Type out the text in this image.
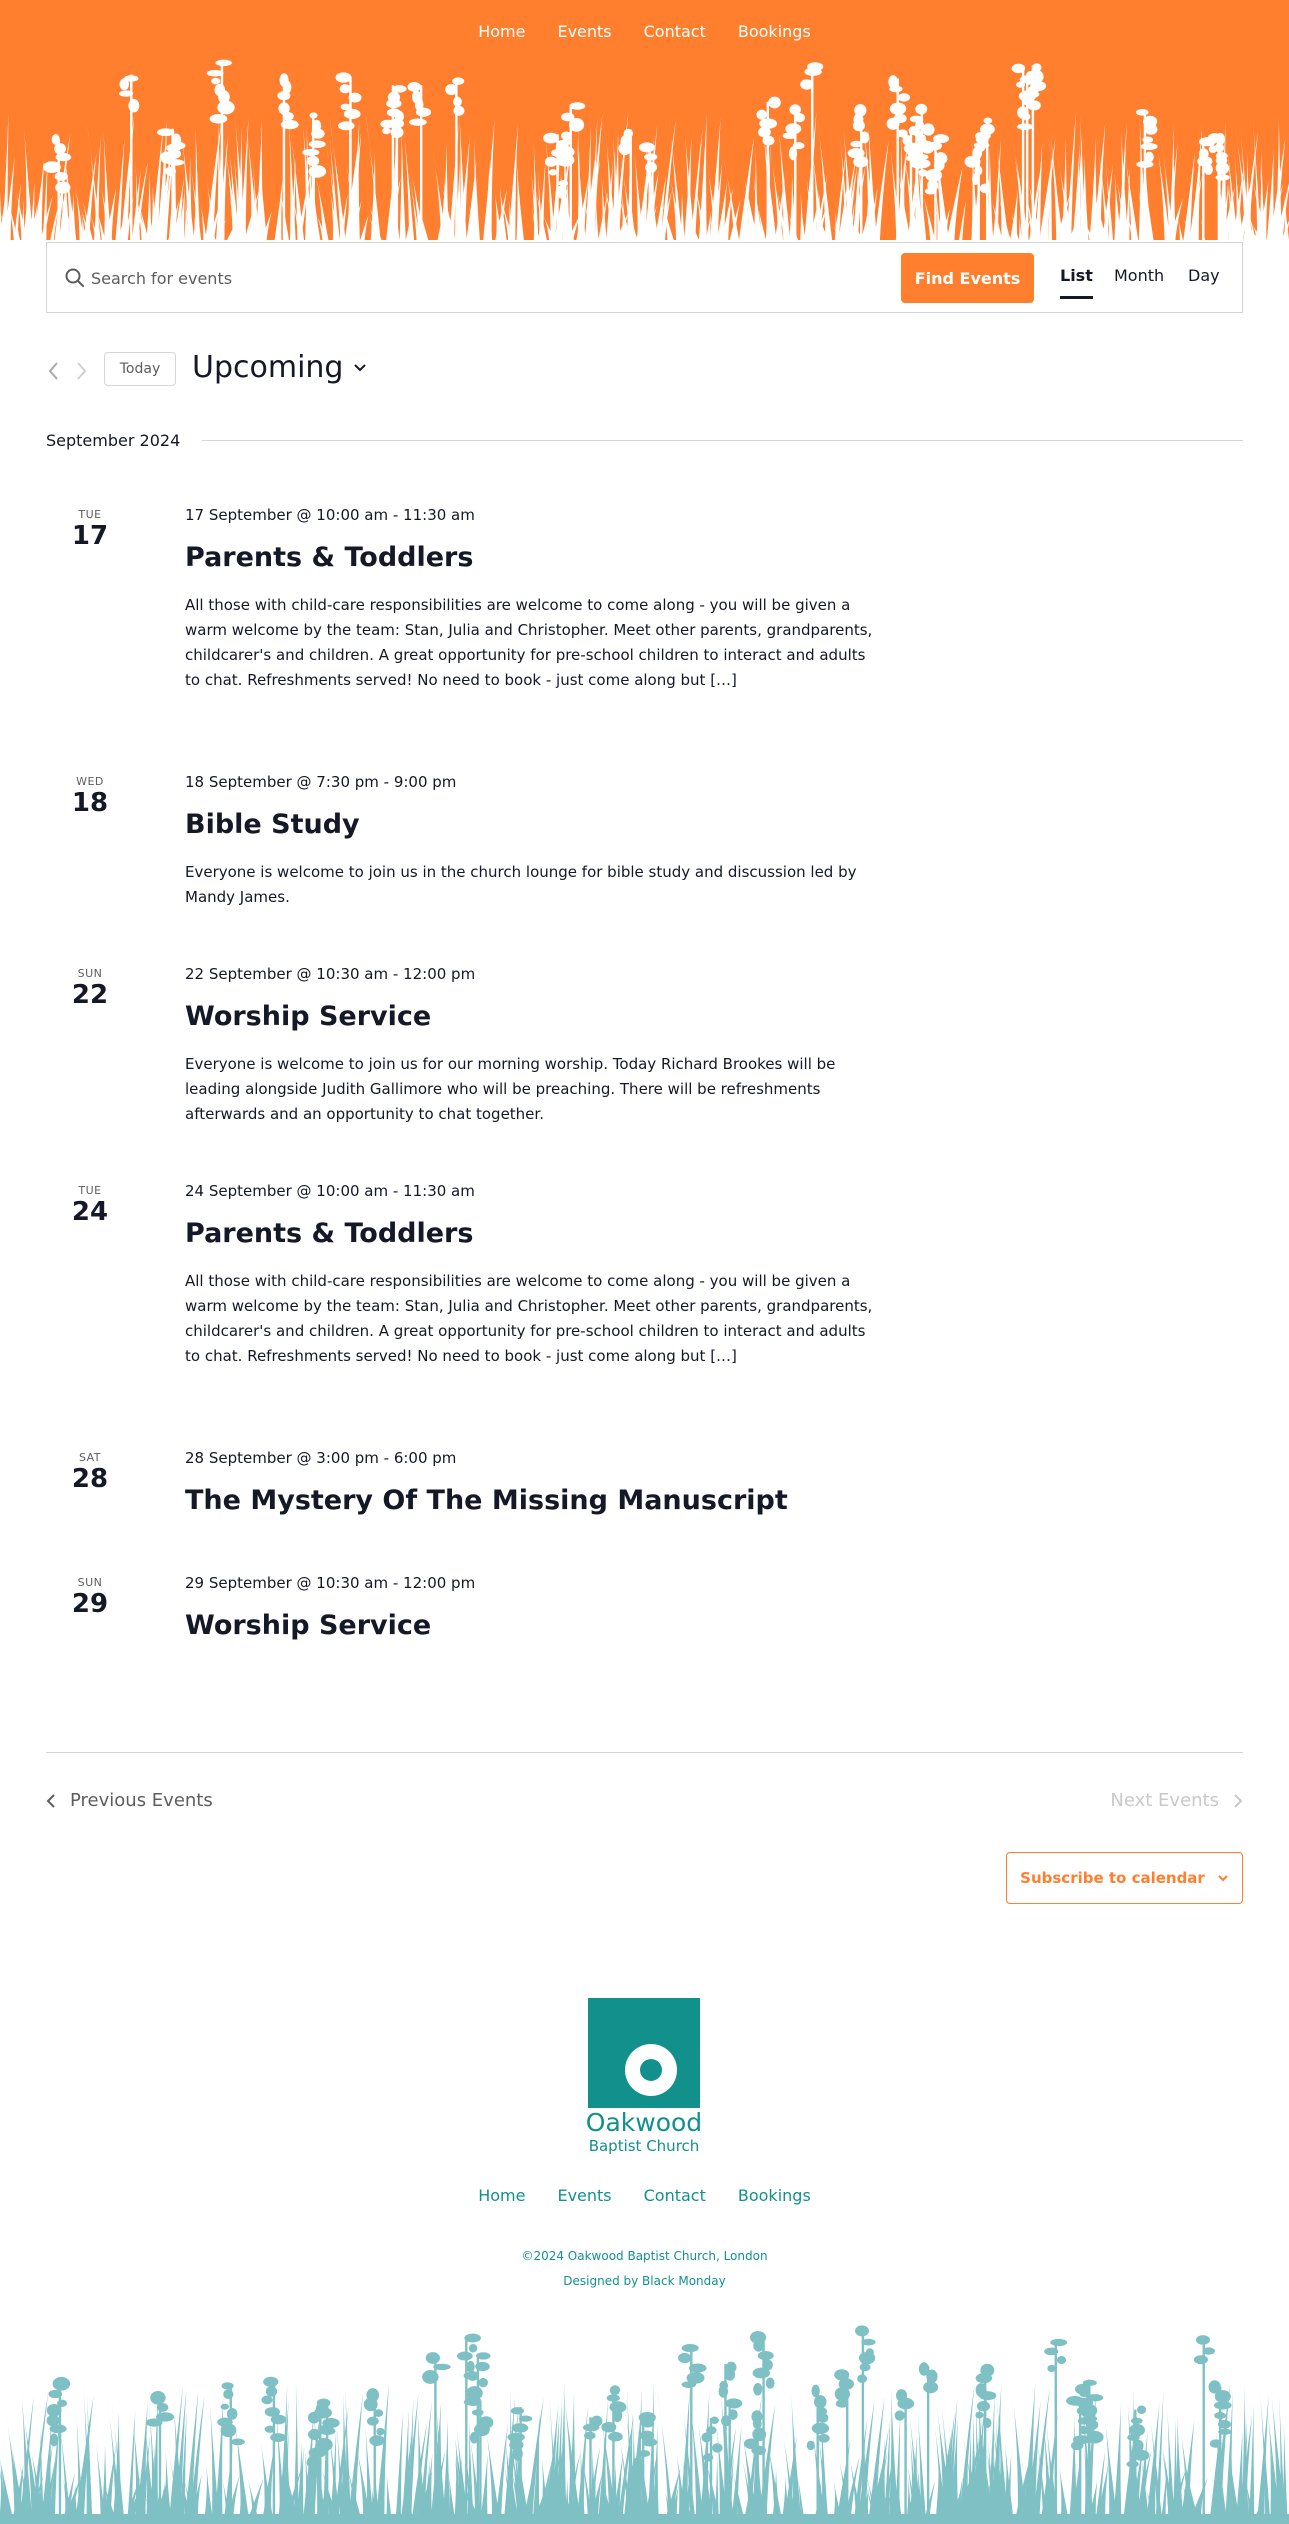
Home Events Contact Bookings
Search for events
Find Events	List Month Day
Today	Upcoming
September 2024
TUE
17
17 September @ 10:00 am - 11:30 am
Parents & Toddlers
All those with child-care responsibilities are welcome to come along - you will be given a warm welcome by the team: Stan, Julia and Christopher. Meet other parents, grandparents, childcarer's and children. A great opportunity for pre-school children to interact and adults to chat. Refreshments served! No need to book - just come along but […]
WED
18
18 September @ 7:30 pm - 9:00 pm
Bible Study
Everyone is welcome to join us in the church lounge for bible study and discussion led by Mandy James.
SUN
22
22 September @ 10:30 am - 12:00 pm
Worship Service
Everyone is welcome to join us for our morning worship. Today Richard Brookes will be leading alongside Judith Gallimore who will be preaching. There will be refreshments afterwards and an opportunity to chat together.
TUE
24
24 September @ 10:00 am - 11:30 am
Parents & Toddlers
All those with child-care responsibilities are welcome to come along - you will be given a warm welcome by the team: Stan, Julia and Christopher. Meet other parents, grandparents, childcarer's and children. A great opportunity for pre-school children to interact and adults to chat. Refreshments served! No need to book - just come along but […]
SAT
28
28 September @ 3:00 pm - 6:00 pm
The Mystery Of The Missing Manuscript
SUN
29
29 September @ 10:30 am - 12:00 pm
Worship Service
Previous Events	Next Events
Subscribe to calendar
Oakwood
Baptist Church
Home Events Contact Bookings
©2024 Oakwood Baptist Church, London
Designed by Black Monday
